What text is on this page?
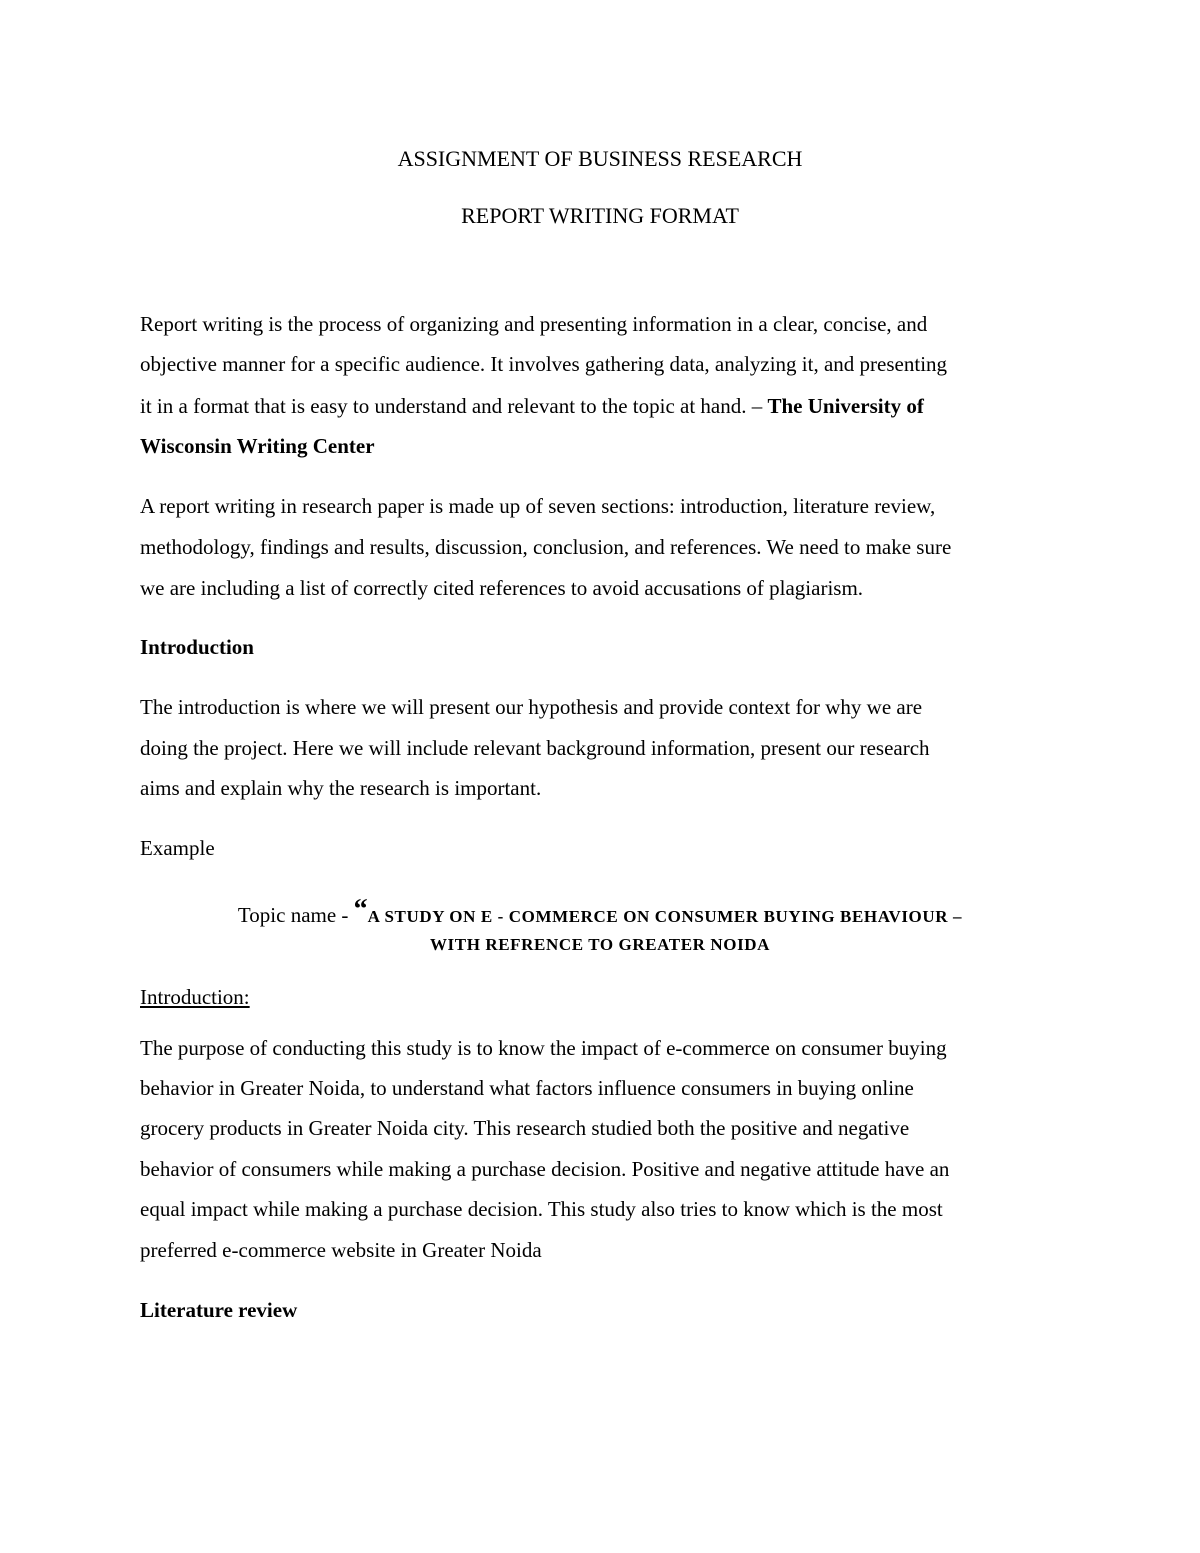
ASSIGNMENT OF BUSINESS RESEARCH
REPORT WRITING FORMAT
Report writing is the process of organizing and presenting information in a clear, concise, and
objective manner for a specific audience. It involves gathering data, analyzing it, and presenting
it in a format that is easy to understand and relevant to the topic at hand. – The University of
Wisconsin Writing Center
A report writing in research paper is made up of seven sections: introduction, literature review,
methodology, findings and results, discussion, conclusion, and references. We need to make sure
we are including a list of correctly cited references to avoid accusations of plagiarism.
Introduction
The introduction is where we will present our hypothesis and provide context for why we are
doing the project. Here we will include relevant background information, present our research
aims and explain why the research is important.
Example
Topic name - “A STUDY ON E - COMMERCE ON CONSUMER BUYING BEHAVIOUR –
WITH REFRENCE TO GREATER NOIDA
Introduction:
The purpose of conducting this study is to know the impact of e-commerce on consumer buying
behavior in Greater Noida, to understand what factors influence consumers in buying online
grocery products in Greater Noida city. This research studied both the positive and negative
behavior of consumers while making a purchase decision. Positive and negative attitude have an
equal impact while making a purchase decision. This study also tries to know which is the most
preferred e-commerce website in Greater Noida
Literature review
